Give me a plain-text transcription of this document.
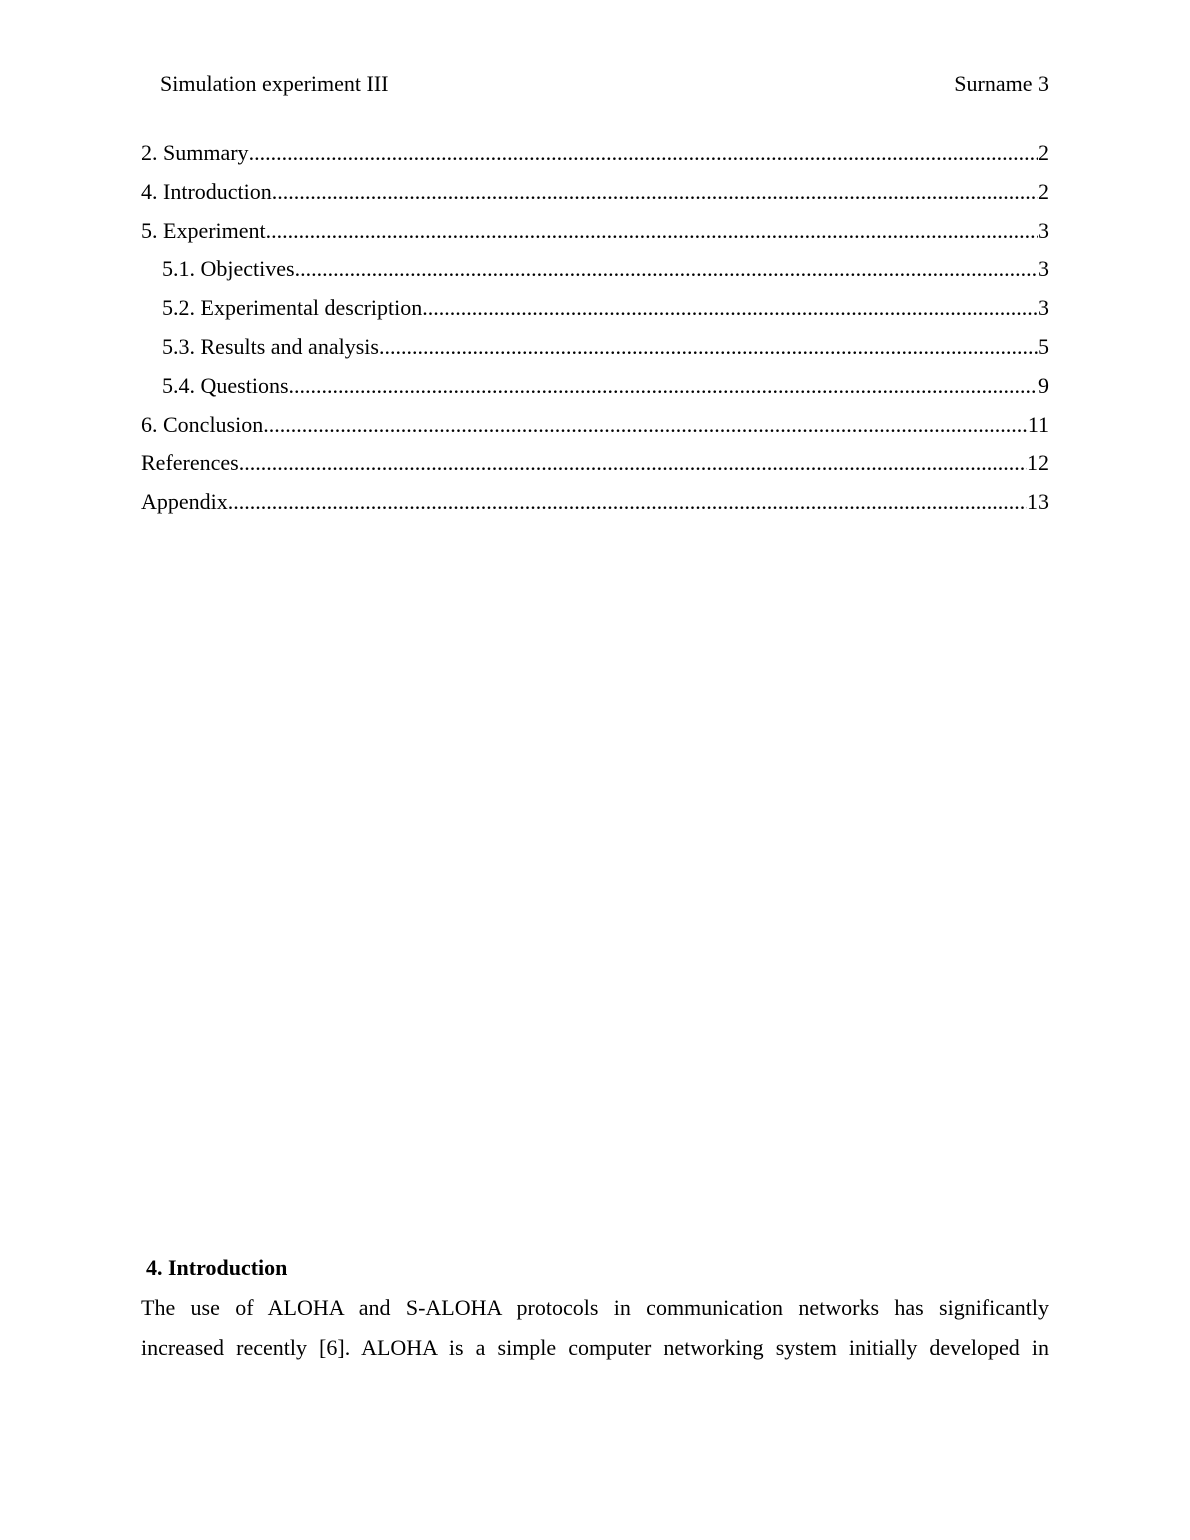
Simulation experiment III	Surname 3
2. Summary .....	2
4. Introduction .....	2
5. Experiment .....	3
5.1. Objectives .....	3
5.2. Experimental description .....	3
5.3. Results and analysis .....	5
5.4. Questions .....	9
6. Conclusion .....	11
References .....	12
Appendix .....	13
4. Introduction
The use of ALOHA and S-ALOHA protocols in communication networks has significantly
increased recently [6]. ALOHA is a simple computer networking system initially developed in
